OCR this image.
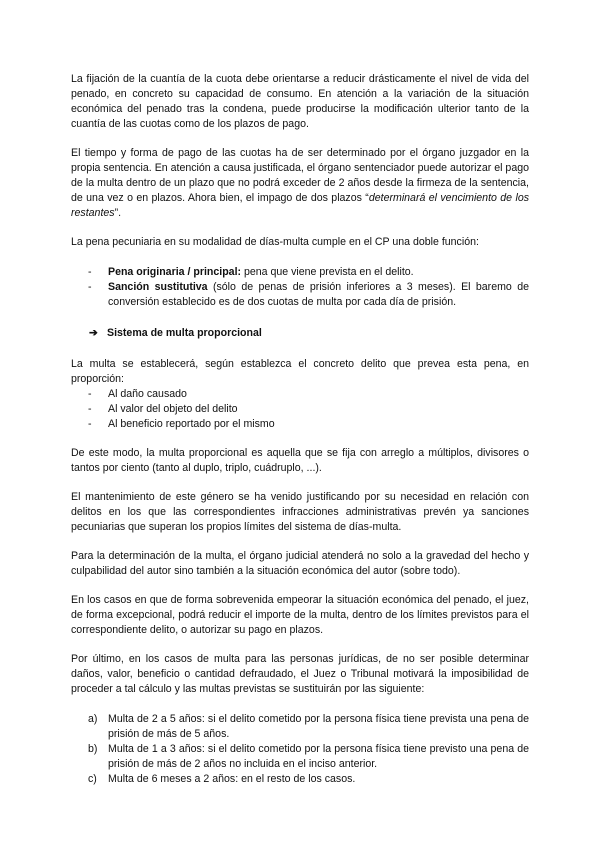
La fijación de la cuantía de la cuota debe orientarse a reducir drásticamente el nivel de vida del penado, en concreto su capacidad de consumo. En atención a la variación de la situación económica del penado tras la condena, puede producirse la modificación ulterior tanto de la cuantía de las cuotas como de los plazos de pago.

El tiempo y forma de pago de las cuotas ha de ser determinado por el órgano juzgador en la propia sentencia. En atención a causa justificada, el órgano sentenciador puede autorizar el pago de la multa dentro de un plazo que no podrá exceder de 2 años desde la firmeza de la sentencia, de una vez o en plazos. Ahora bien, el impago de dos plazos “determinará el vencimiento de los restantes”.

La pena pecuniaria en su modalidad de días-multa cumple en el CP una doble función:

- Pena originaria / principal: pena que viene prevista en el delito.
- Sanción sustitutiva (sólo de penas de prisión inferiores a 3 meses). El baremo de conversión establecido es de dos cuotas de multa por cada día de prisión.
➔ Sistema de multa proporcional

La multa se establecerá, según establezca el concreto delito que prevea esta pena, en proporción:

- Al daño causado
- Al valor del objeto del delito
- Al beneficio reportado por el mismo

De este modo, la multa proporcional es aquella que se fija con arreglo a múltiplos, divisores o tantos por ciento (tanto al duplo, triplo, cuádruplo, ...).

El mantenimiento de este género se ha venido justificando por su necesidad en relación con delitos en los que las correspondientes infracciones administrativas prevén ya sanciones pecuniarias que superan los propios límites del sistema de días-multa.

Para la determinación de la multa, el órgano judicial atenderá no solo a la gravedad del hecho y culpabilidad del autor sino también a la situación económica del autor (sobre todo).

En los casos en que de forma sobrevenida empeorar la situación económica del penado, el juez, de forma excepcional, podrá reducir el importe de la multa, dentro de los límites previstos para el correspondiente delito, o autorizar su pago en plazos.

Por último, en los casos de multa para las personas jurídicas, de no ser posible determinar daños, valor, beneficio o cantidad defraudado, el Juez o Tribunal motivará la imposibilidad de proceder a tal cálculo y las multas previstas se sustituirán por las siguiente:

a) Multa de 2 a 5 años: si el delito cometido por la persona física tiene prevista una pena de prisión de más de 5 años.
b) Multa de 1 a 3 años: si el delito cometido por la persona física tiene previsto una pena de prisión de más de 2 años no incluida en el inciso anterior.
c) Multa de 6 meses a 2 años: en el resto de los casos.
